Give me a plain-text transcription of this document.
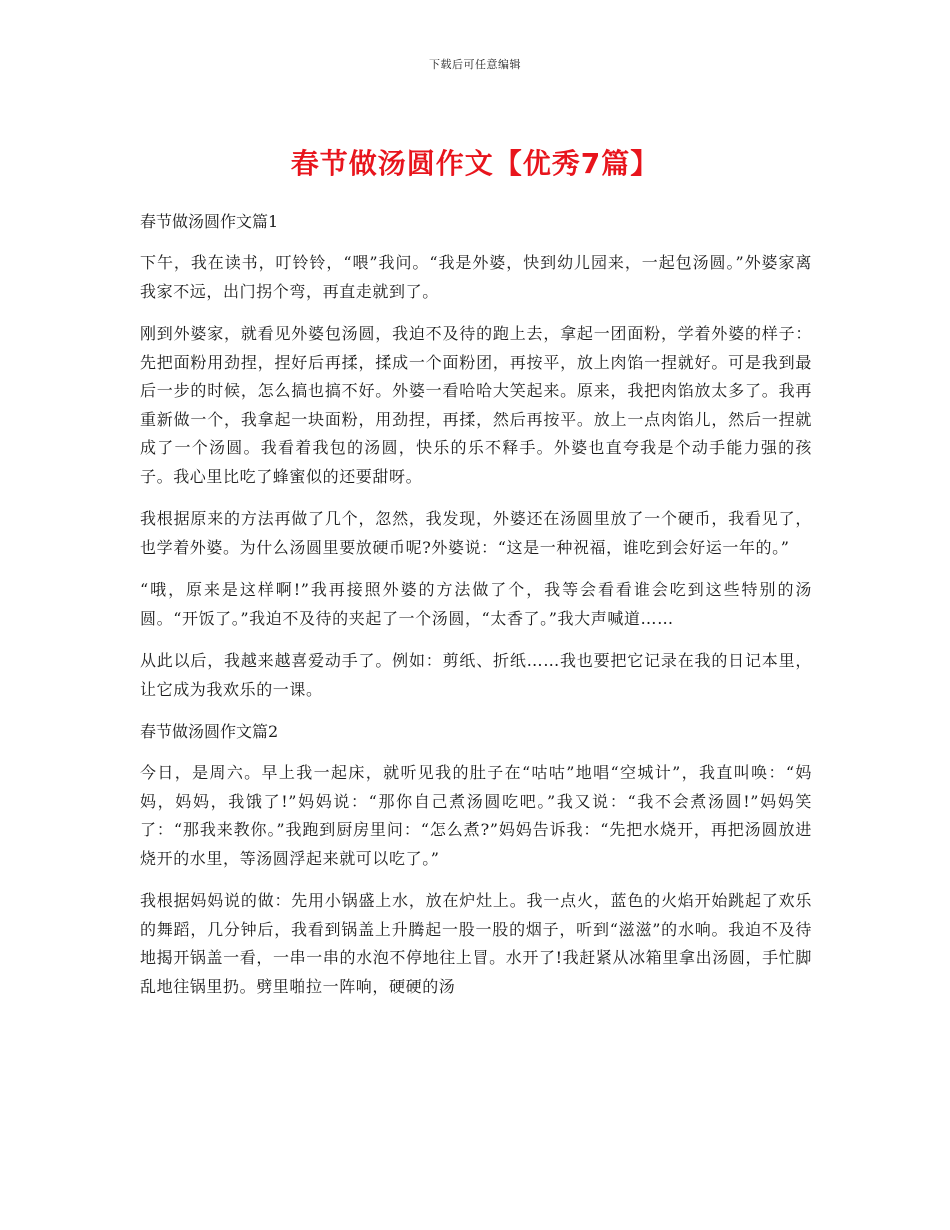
下载后可任意编辑
春节做汤圆作文【优秀7篇】

春节做汤圆作文篇1

下午，我在读书，叮铃铃，“喂”我问。“我是外婆，快到幼儿园来，一起包汤圆。”外婆家离我家不远，出门拐个弯，再直走就到了。

刚到外婆家，就看见外婆包汤圆，我迫不及待的跑上去，拿起一团面粉，学着外婆的样子：先把面粉用劲捏，捏好后再揉，揉成一个面粉团，再按平，放上肉馅一捏就好。可是我到最后一步的时候，怎么搞也搞不好。外婆一看哈哈大笑起来。原来，我把肉馅放太多了。我再重新做一个，我拿起一块面粉，用劲捏，再揉，然后再按平。放上一点肉馅儿，然后一捏就成了一个汤圆。我看着我包的汤圆，快乐的乐不释手。外婆也直夸我是个动手能力强的孩子。我心里比吃了蜂蜜似的还要甜呀。

我根据原来的方法再做了几个，忽然，我发现，外婆还在汤圆里放了一个硬币，我看见了，也学着外婆。为什么汤圆里要放硬币呢?外婆说：“这是一种祝福，谁吃到会好运一年的。”

“哦，原来是这样啊!”我再接照外婆的方法做了个，我等会看看谁会吃到这些特别的汤圆。“开饭了。”我迫不及待的夹起了一个汤圆，“太香了。”我大声喊道……

从此以后，我越来越喜爱动手了。例如：剪纸、折纸……我也要把它记录在我的日记本里，让它成为我欢乐的一课。

春节做汤圆作文篇2

今日，是周六。早上我一起床，就听见我的肚子在“咕咕”地唱“空城计”，我直叫唤：“妈妈，妈妈，我饿了!”妈妈说：“那你自己煮汤圆吃吧。”我又说：“我不会煮汤圆!”妈妈笑了：“那我来教你。”我跑到厨房里问：“怎么煮?”妈妈告诉我：“先把水烧开，再把汤圆放进烧开的水里，等汤圆浮起来就可以吃了。”

我根据妈妈说的做：先用小锅盛上水，放在炉灶上。我一点火，蓝色的火焰开始跳起了欢乐的舞蹈，几分钟后，我看到锅盖上升腾起一股一股的烟子，听到“滋滋”的水响。我迫不及待地揭开锅盖一看，一串一串的水泡不停地往上冒。水开了!我赶紧从冰箱里拿出汤圆，手忙脚乱地往锅里扔。劈里啪拉一阵响，硬硬的汤
